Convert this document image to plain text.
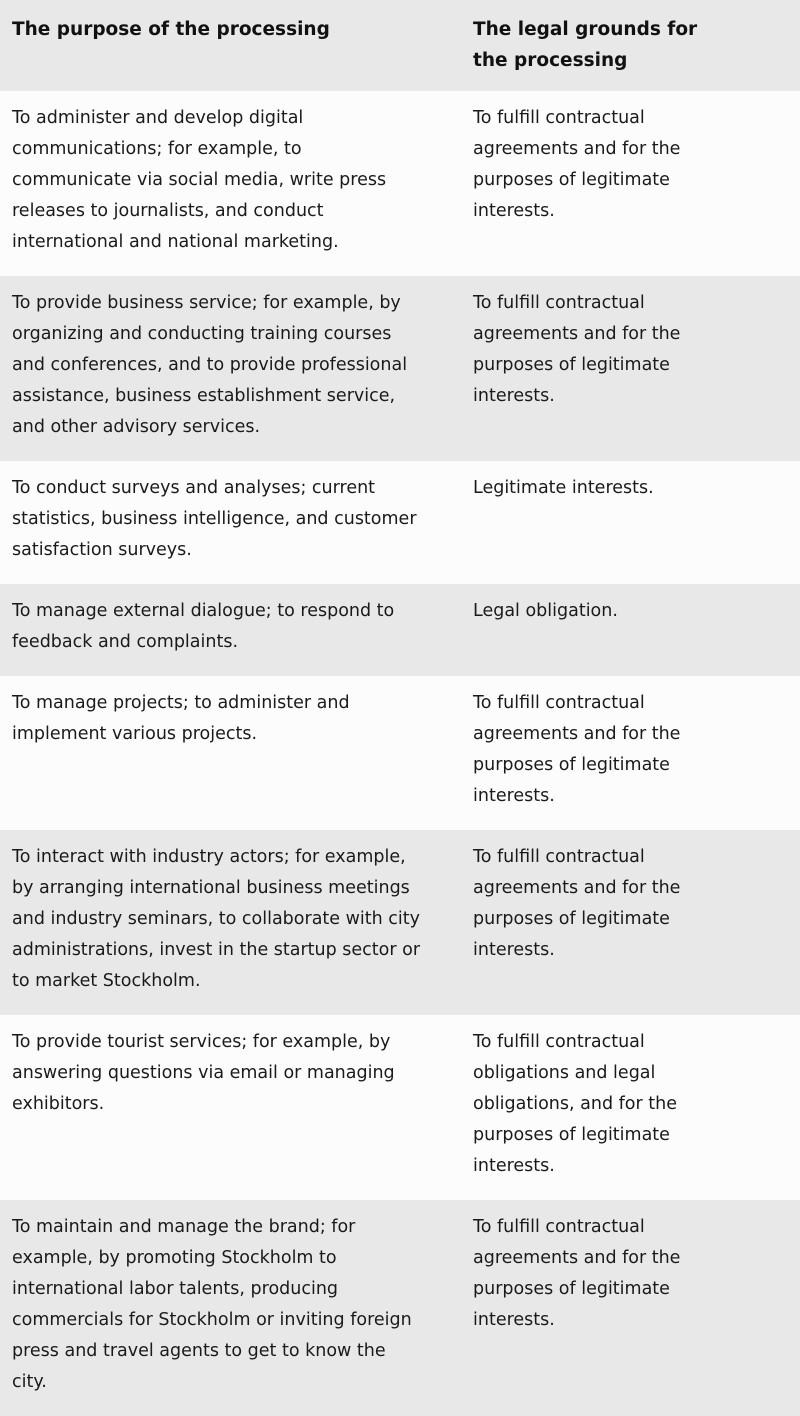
The purpose of the processing	The legal grounds for the processing
To administer and develop digital communications; for example, to communicate via social media, write press releases to journalists, and conduct international and national marketing.	To fulfill contractual agreements and for the purposes of legitimate interests.
To provide business service; for example, by organizing and conducting training courses and conferences, and to provide professional assistance, business establishment service, and other advisory services.	To fulfill contractual agreements and for the purposes of legitimate interests.
To conduct surveys and analyses; current statistics, business intelligence, and customer satisfaction surveys.	Legitimate interests.
To manage external dialogue; to respond to feedback and complaints.	Legal obligation.
To manage projects; to administer and implement various projects.	To fulfill contractual agreements and for the purposes of legitimate interests.
To interact with industry actors; for example, by arranging international business meetings and industry seminars, to collaborate with city administrations, invest in the startup sector or to market Stockholm.	To fulfill contractual agreements and for the purposes of legitimate interests.
To provide tourist services; for example, by answering questions via email or managing exhibitors.	To fulfill contractual obligations and legal obligations, and for the purposes of legitimate interests.
To maintain and manage the brand; for example, by promoting Stockholm to international labor talents, producing commercials for Stockholm or inviting foreign press and travel agents to get to know the city.	To fulfill contractual agreements and for the purposes of legitimate interests.
